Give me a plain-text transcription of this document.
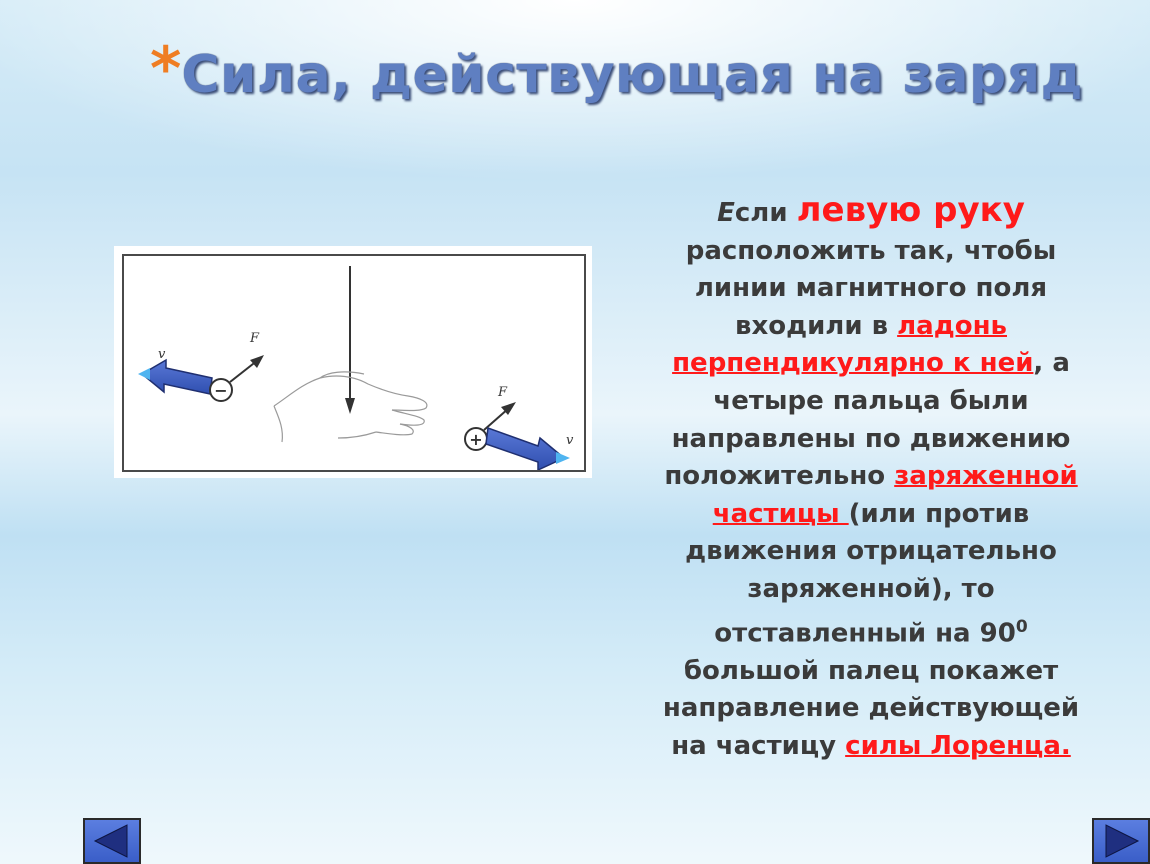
*Сила, действующая на заряд
−
v
F
+
F
v
Если левую руку
расположить так, чтобы
линии магнитного поля
входили в ладонь
перпендикулярно к ней, а
четыре пальца были
направлены по движению
положительно заряженной
частицы (или против
движения отрицательно
заряженной), то
отставленный на $90^0$
большой палец покажет
направление действующей
на частицу силы Лоренца.
